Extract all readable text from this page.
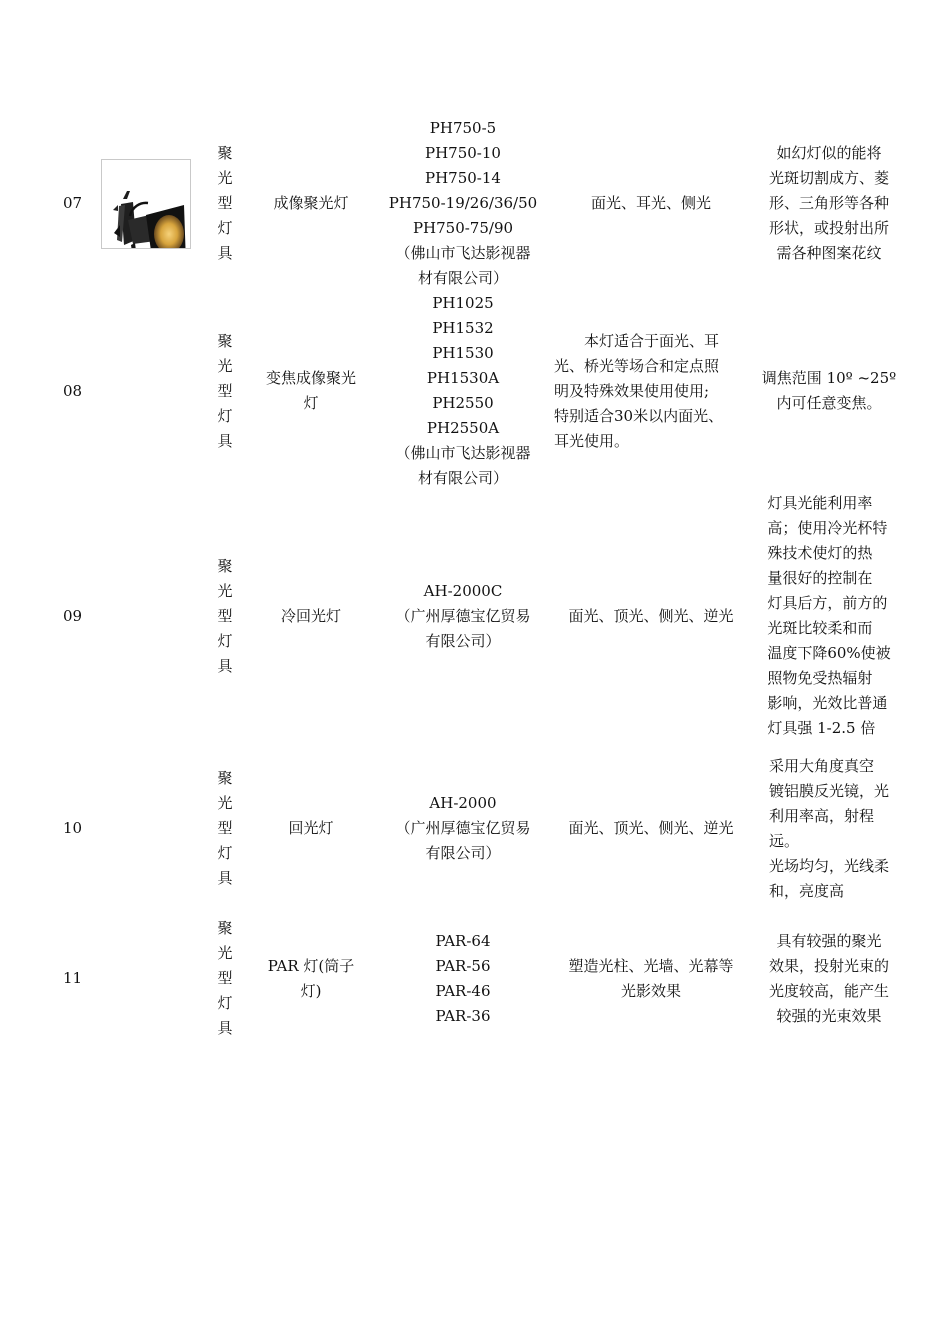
07

聚
光
型
灯
具
成像聚光灯
PH750-5
PH750-10
PH750-14
PH750-19/26/36/50
PH750-75/90
（佛山市飞达影视器
材有限公司）
面光、耳光、侧光
如幻灯似的能将
光斑切割成方、菱
形、三角形等各种
形状，或投射出所
需各种图案花纹
08
聚
光
型
灯
具
变焦成像聚光
灯
PH1025
PH1532
PH1530
PH1530A
PH2550
PH2550A
（佛山市飞达影视器
材有限公司）
　　本灯适合于面光、耳
光、桥光等场合和定点照
明及特殊效果使用使用;
特别适合30米以内面光、
耳光使用。
调焦范围 10º ~25º
内可任意变焦。
09
聚
光
型
灯
具
冷回光灯
AH-2000C
（广州厚德宝亿贸易
有限公司）
面光、顶光、侧光、逆光
灯具光能利用率
高；使用冷光杯特
殊技术使灯的热
量很好的控制在
灯具后方，前方的
光斑比较柔和而
温度下降60%使被
照物免受热辐射
影响，光效比普通
灯具强 1-2.5 倍
10
聚
光
型
灯
具
回光灯
AH-2000
（广州厚德宝亿贸易
有限公司）
面光、顶光、侧光、逆光
采用大角度真空
镀铝膜反光镜，光
利用率高，射程
远。
光场均匀，光线柔
和，亮度高
11
聚
光
型
灯
具
PAR 灯(筒子
灯)
PAR-64
PAR-56
PAR-46
PAR-36
塑造光柱、光墙、光幕等
光影效果
具有较强的聚光
效果，投射光束的
光度较高，能产生
较强的光束效果
